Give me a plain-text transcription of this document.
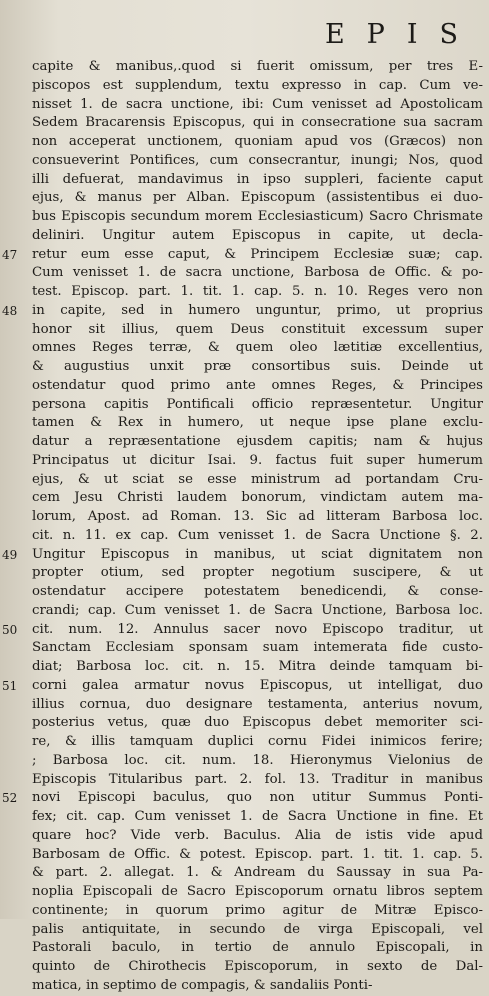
EPIS
capite & manibus,.quod si fuerit omissum, per tres E-
piscopos est supplendum, textu expresso in cap. Cum ve-
nisset 1. de sacra unctione, ibi: Cum venisset ad Apostolicam
Sedem Bracarensis Episcopus, qui in consecratione sua sacram
non acceperat unctionem, quoniam apud vos (Græcos) non
consueverint Pontifices, cum consecrantur, inungi; Nos, quod
illi defuerat, mandavimus in ipso suppleri, faciente caput
ejus, & manus per Alban. Episcopum (assistentibus ei duo-
bus Episcopis secundum morem Ecclesiasticum) Sacro Chrismate
deliniri. Ungitur autem Episcopus in capite, ut decla-
47 retur eum esse caput, & Principem Ecclesiæ suæ; cap.
Cum venisset 1. de sacra unctione, Barbosa de Offic. & po-
test. Episcop. part. 1. tit. 1. cap. 5. n. 10. Reges vero non
48 in capite, sed in humero unguntur, primo, ut proprius
honor sit illius, quem Deus constituit excessum super
omnes Reges terræ, & quem oleo lætitiæ excellentius,
& augustius unxit præ consortibus suis. Deinde ut
ostendatur quod primo ante omnes Reges, & Principes
persona capitis Pontificali officio repræsentetur. Ungitur
tamen & Rex in humero, ut neque ipse plane exclu-
datur a repræsentatione ejusdem capitis; nam & hujus
Principatus ut dicitur Isai. 9. factus fuit super humerum
ejus, & ut sciat se esse ministrum ad portandam Cru-
cem Jesu Christi laudem bonorum, vindictam autem ma-
lorum, Apost. ad Roman. 13. Sic ad litteram Barbosa loc.
cit. n. 11. ex cap. Cum venisset 1. de Sacra Unctione §. 2.
49 Ungitur Episcopus in manibus, ut sciat dignitatem non
propter otium, sed propter negotium suscipere, & ut
ostendatur accipere potestatem benedicendi, & conse-
crandi; cap. Cum venisset 1. de Sacra Unctione, Barbosa loc.
50 cit. num. 12. Annulus sacer novo Episcopo traditur, ut
Sanctam Ecclesiam sponsam suam intemerata fide custo-
diat; Barbosa loc. cit. n. 15. Mitra deinde tamquam bi-
51 corni galea armatur novus Episcopus, ut intelligat, duo
illius cornua, duo designare testamenta, anterius novum,
posterius vetus, quæ duo Episcopus debet memoriter sci-
re, & illis tamquam duplici cornu Fidei inimicos ferire;
; Barbosa loc. cit. num. 18. Hieronymus Vielonius de
Episcopis Titularibus part. 2. fol. 13. Traditur in manibus
52 novi Episcopi baculus, quo non utitur Summus Ponti-
fex; cit. cap. Cum venisset 1. de Sacra Unctione in fine. Et
quare hoc? Vide verb. Baculus. Alia de istis vide apud
Barbosam de Offic. & potest. Episcop. part. 1. tit. 1. cap. 5.
& part. 2. allegat. 1. & Andream du Saussay in sua Pa-
noplia Episcopali de Sacro Episcoporum ornatu libros septem
continente; in quorum primo agitur de Mitræ Episco-
palis antiquitate, in secundo de virga Episcopali, vel
Pastorali baculo, in tertio de annulo Episcopali, in
quinto de Chirothecis Episcoporum, in sexto de Dal-
matica, in septimo de compagis, & sandaliis Ponti-
